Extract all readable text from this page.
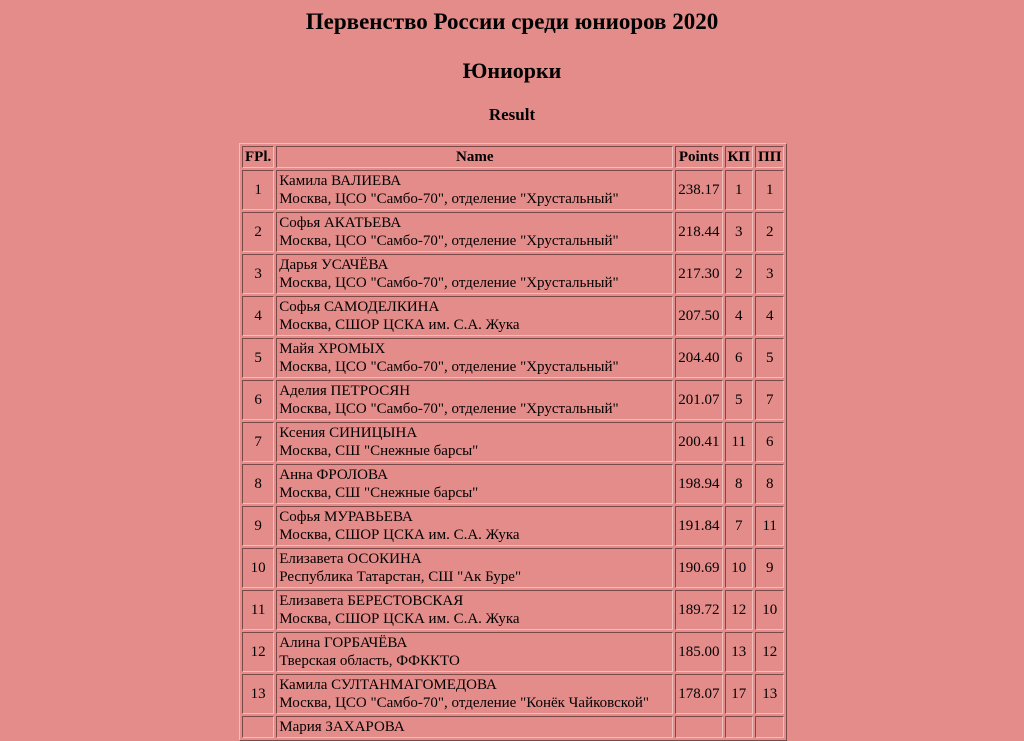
Первенство России среди юниоров 2020
Юниорки
Result
FPl.	Name	Points	КП	ПП
1	Камила ВАЛИЕВА
Москва, ЦСО "Самбо-70", отделение "Хрустальный"	238.17	1	1
2	Софья АКАТЬЕВА
Москва, ЦСО "Самбо-70", отделение "Хрустальный"	218.44	3	2
3	Дарья УСАЧЁВА
Москва, ЦСО "Самбо-70", отделение "Хрустальный"	217.30	2	3
4	Софья САМОДЕЛКИНА
Москва, СШОР ЦСКА им. С.А. Жука	207.50	4	4
5	Майя ХРОМЫХ
Москва, ЦСО "Самбо-70", отделение "Хрустальный"	204.40	6	5
6	Аделия ПЕТРОСЯН
Москва, ЦСО "Самбо-70", отделение "Хрустальный"	201.07	5	7
7	Ксения СИНИЦЫНА
Москва, СШ "Снежные барсы"	200.41	11	6
8	Анна ФРОЛОВА
Москва, СШ "Снежные барсы"	198.94	8	8
9	Софья МУРАВЬЕВА
Москва, СШОР ЦСКА им. С.А. Жука	191.84	7	11
10	Елизавета ОСОКИНА
Республика Татарстан, СШ "Ак Буре"	190.69	10	9
11	Елизавета БЕРЕСТОВСКАЯ
Москва, СШОР ЦСКА им. С.А. Жука	189.72	12	10
12	Алина ГОРБАЧЁВА
Тверская область, ФФККТО	185.00	13	12
13	Камила СУЛТАНМАГОМЕДОВА
Москва, ЦСО "Самбо-70", отделение "Конёк Чайковской"	178.07	17	13

	Мария ЗАХАРОВА			
